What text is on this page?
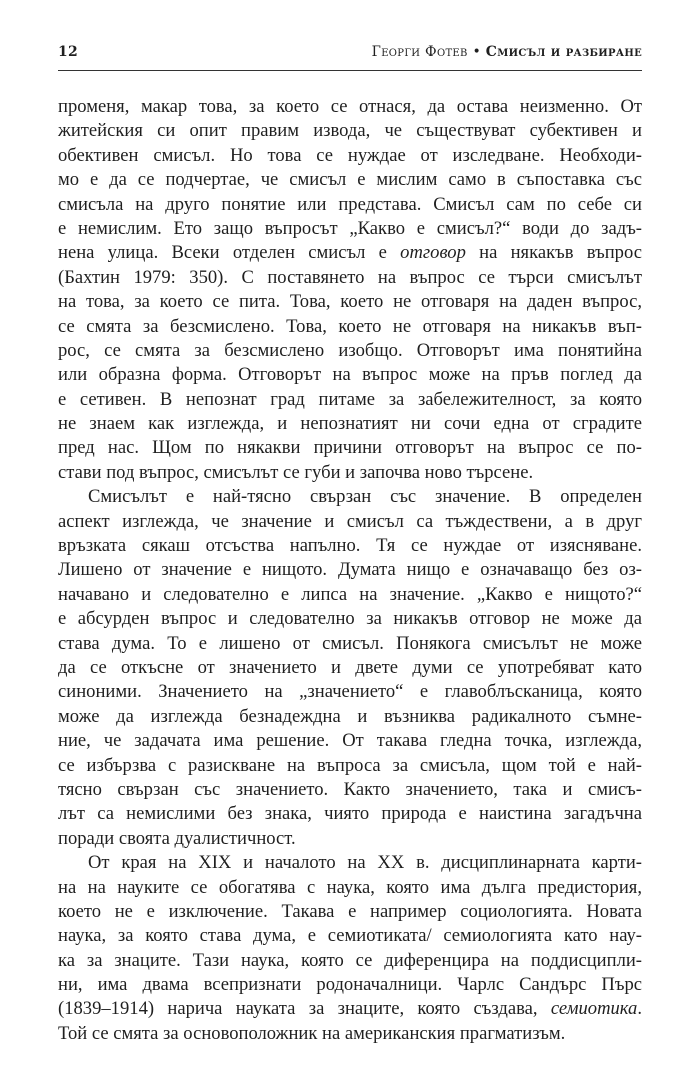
12	Георги Фотев • Смисъл и разбиране

променя, макар това, за което се отнася, да остава неизменно. От
житейския си опит правим извода, че съществуват субективен и
обективен смисъл. Но това се нуждае от изследване. Необходи-
мо е да се подчертае, че смисъл е мислим само в съпоставка със
смисъла на друго понятие или представа. Смисъл сам по себе си
е немислим. Ето защо въпросът „Какво е смисъл?“ води до задъ-
нена улица. Всеки отделен смисъл е отговор на някакъв въпрос
(Бахтин 1979: 350). С поставянето на въпрос се търси смисълът
на това, за което се пита. Това, което не отговаря на даден въпрос,
се смята за безсмислено. Това, което не отговаря на никакъв въп-
рос, се смята за безсмислено изобщо. Отговорът има понятийна
или образна форма. Отговорът на въпрос може на пръв поглед да
е сетивен. В непознат град питаме за забележителност, за която
не знаем как изглежда, и непознатият ни сочи една от сградите
пред нас. Щом по някакви причини отговорът на въпрос се по-
стави под въпрос, смисълът се губи и започва ново търсене.

Смисълът е най-тясно свързан със значение. В определен
аспект изглежда, че значение и смисъл са тъждествени, а в друг
връзката сякаш отсъства напълно. Тя се нуждае от изясняване.
Лишено от значение е нищото. Думата нищо е означаващо без оз-
начавано и следователно е липса на значение. „Какво е нищото?“
е абсурден въпрос и следователно за никакъв отговор не може да
става дума. То е лишено от смисъл. Понякога смисълът не може
да се откъсне от значението и двете думи се употребяват като
синоними. Значението на „значението“ е главоблъсканица, която
може да изглежда безнадеждна и възниква радикалното съмне-
ние, че задачата има решение. От такава гледна точка, изглежда,
се избързва с разискване на въпроса за смисъла, щом той е най-
тясно свързан със значението. Както значението, така и смисъ-
лът са немислими без знака, чиято природа е наистина загадъчна
поради своята дуалистичност.

От края на XIX и началото на XX в. дисциплинарната карти-
на на науките се обогатява с наука, която има дълга предистория,
което не е изключение. Такава е например социологията. Новата
наука, за която става дума, е семиотиката/ семиологията като нау-
ка за знаците. Тази наука, която се диференцира на поддисципли-
ни, има двама всепризнати родоначалници. Чарлс Сандърс Пърс
(1839–1914) нарича науката за знаците, която създава, семиотика.
Той се смята за основоположник на американския прагматизъм.
